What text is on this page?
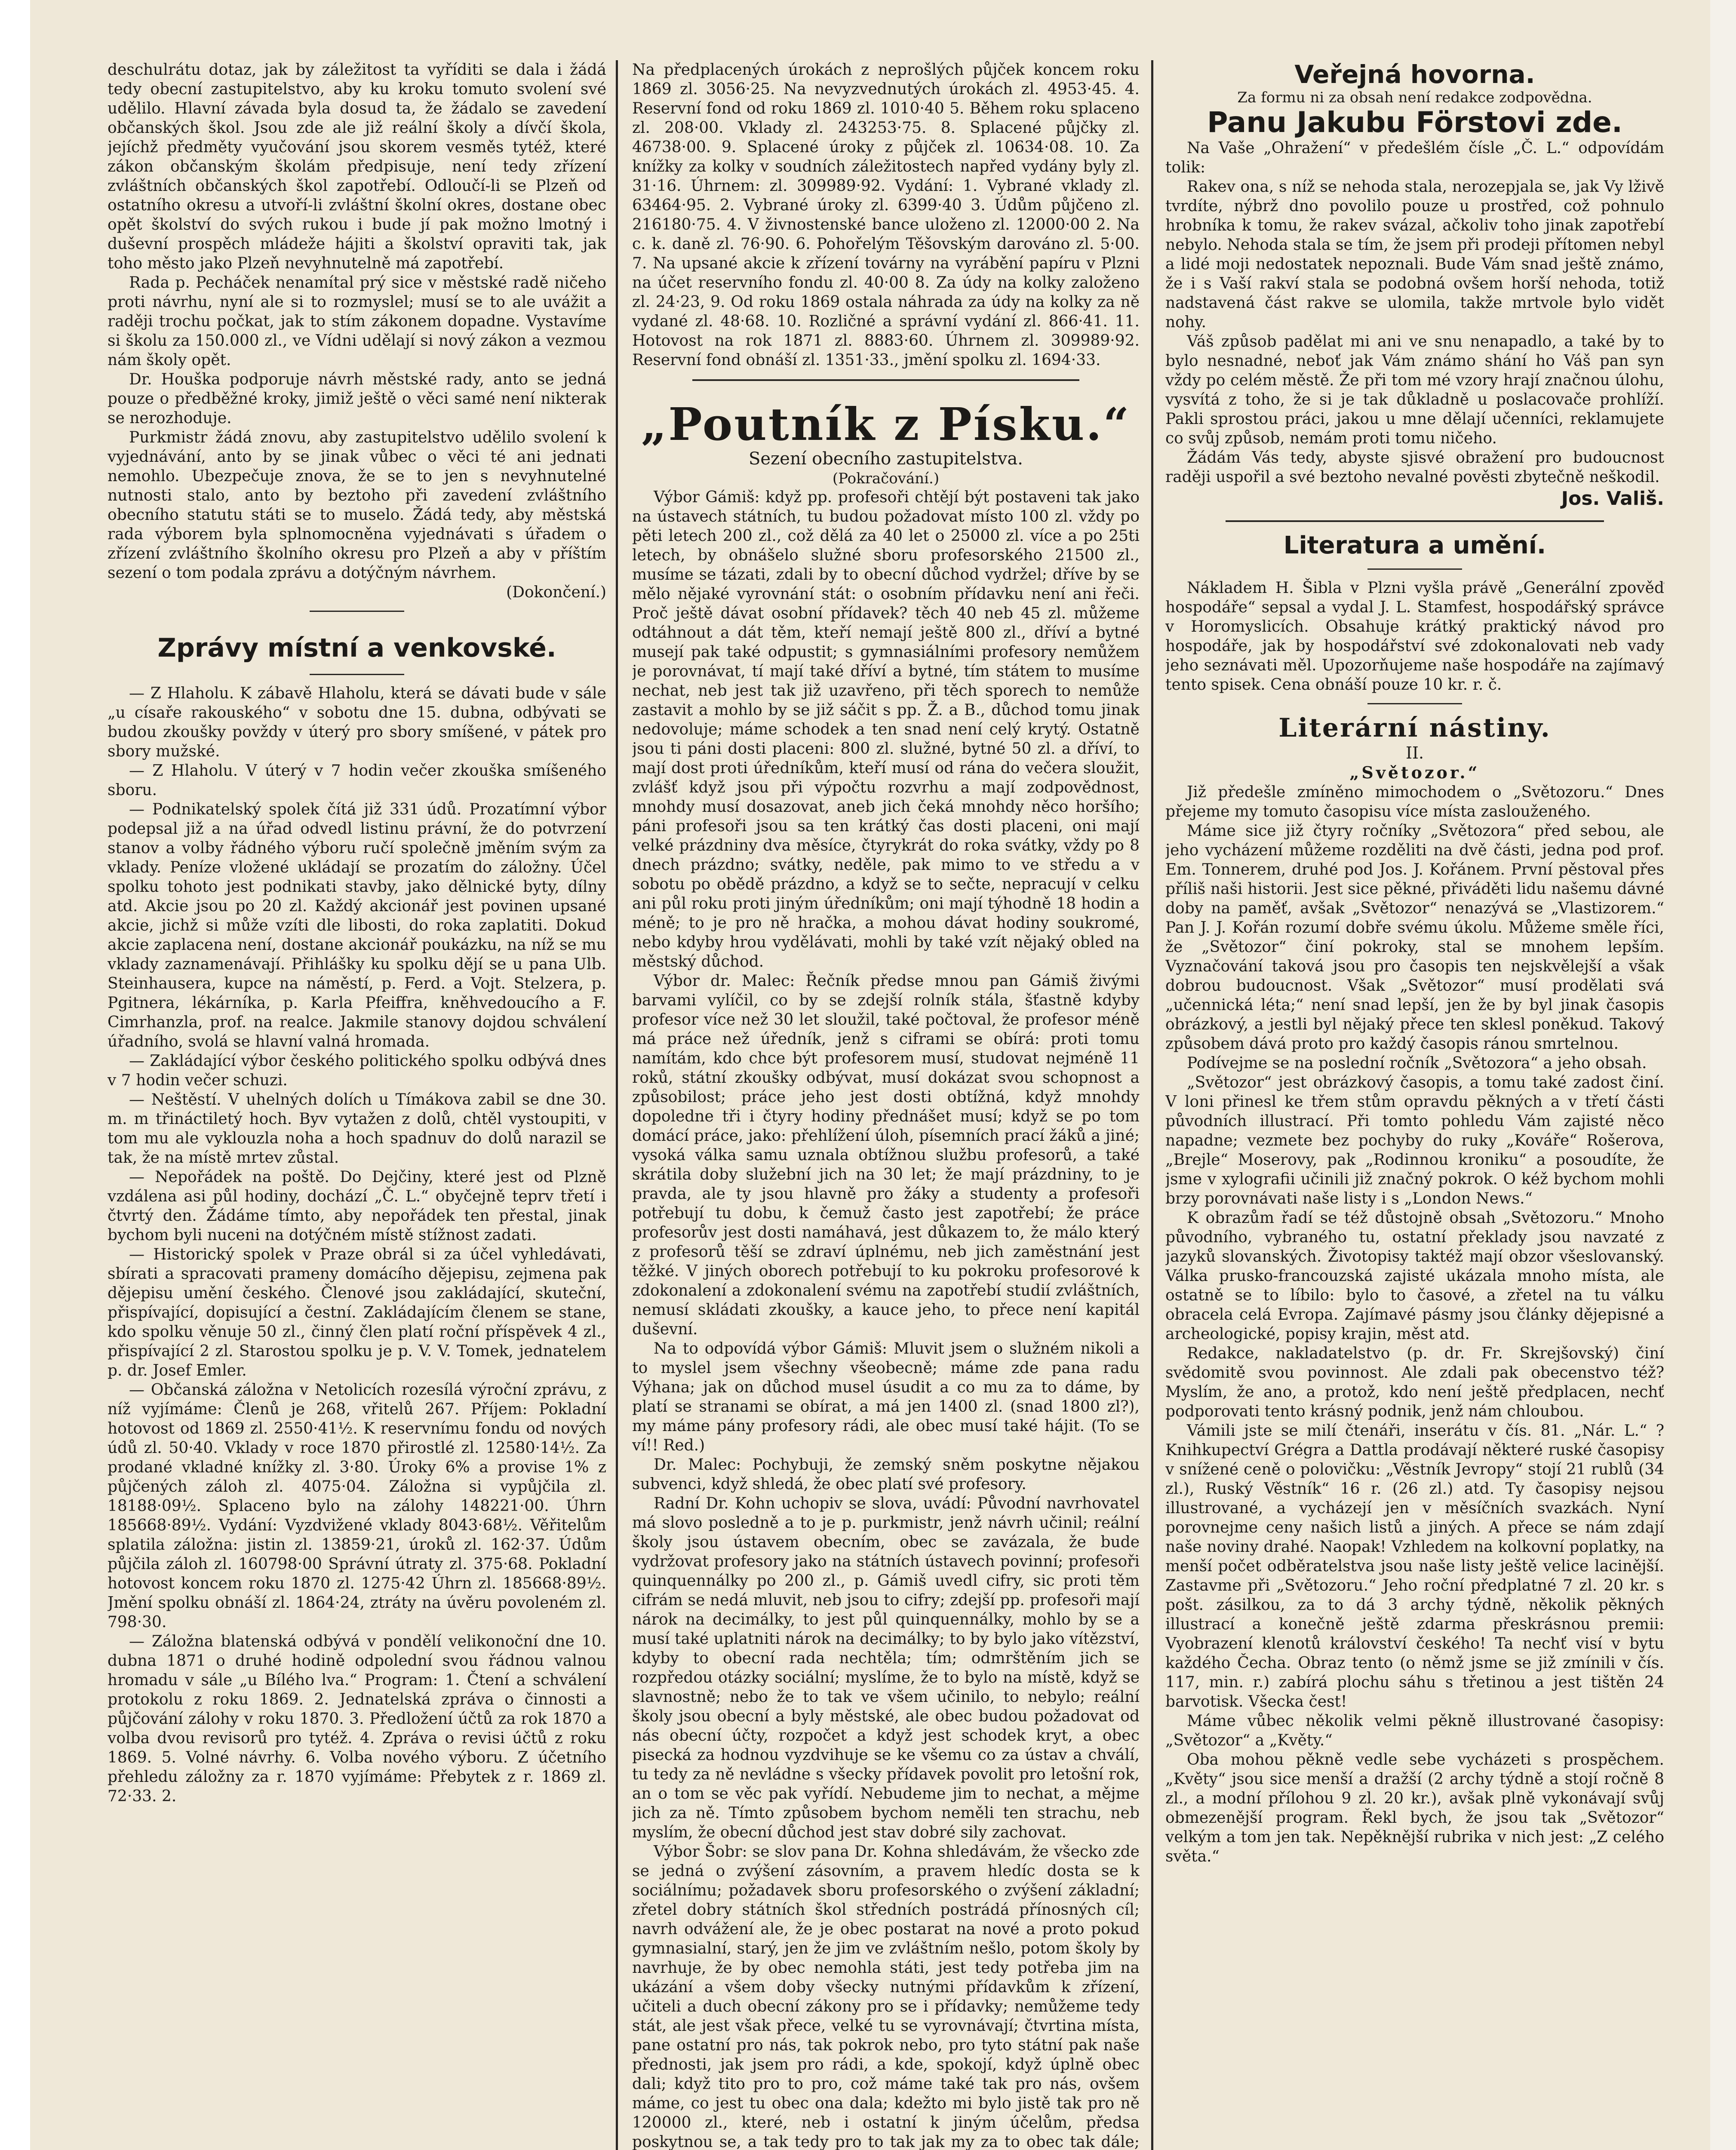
deschulrátu dotaz, jak by záležitost ta vyříditi se dala i žádá tedy obecní zastupitelstvo, aby ku kroku tomuto svolení své udělilo. Hlavní závada byla dosud ta, že žádalo se zavedení občanských škol. Jsou zde ale již reální školy a dívčí škola, jejíchž předměty vyučování jsou skorem vesměs tytéž, které zákon občanským školám předpisuje, není tedy zřízení zvláštních občanských škol zapotřebí. Odloučí-li se Plzeň od ostatního okresu a utvoří-li zvláštní školní okres, dostane obec opět školství do svých rukou i bude jí pak možno lmotný i duševní prospěch mládeže hájiti a školství opraviti tak, jak toho město jako Plzeň nevyhnutelně má zapotřebí.

Rada p. Pecháček nenamítal prý sice v městské radě ničeho proti návrhu, nyní ale si to rozmyslel; musí se to ale uvážit a raději trochu počkat, jak to stím zákonem dopadne. Vystavíme si školu za 150.000 zl., ve Vídni udělají si nový zákon a vezmou nám školy opět.

Dr. Houška podporuje návrh městské rady, anto se jedná pouze o předběžné kroky, jimiž ještě o věci samé není nikterak se nerozhoduje.

Purkmistr žádá znovu, aby zastupitelstvo udělilo svolení k vyjednávání, anto by se jinak vůbec o věci té ani jednati nemohlo. Ubezpečuje znova, že se to jen s nevyhnutelné nutnosti stalo, anto by beztoho při zavedení zvláštního obecního statutu státi se to muselo. Žádá tedy, aby městská rada výborem byla splnomocněna vyjednávati s úřadem o zřízení zvláštního školního okresu pro Plzeň a aby v příštím sezení o tom podala zprávu a dotýčným návrhem.

(Dokončení.)

Zprávy místní a venkovské.

— Z Hlaholu. K zábavě Hlaholu, která se dávati bude v sále „u císaře rakouského“ v sobotu dne 15. dubna, odbývati se budou zkoušky povždy v úterý pro sbory smíšené, v pátek pro sbory mužské.

— Z Hlaholu. V úterý v 7 hodin večer zkouška smíšeného sboru.

— Podnikatelský spolek čítá již 331 údů. Prozatímní výbor podepsal již a na úřad odvedl listinu právní, že do potvrzení stanov a volby řádného výboru ručí společně jměním svým za vklady. Peníze vložené ukládají se prozatím do záložny. Účel spolku tohoto jest podnikati stavby, jako dělnické byty, dílny atd. Akcie jsou po 20 zl. Každý akcionář jest povinen upsané akcie, jichž si může vzíti dle libosti, do roka zaplatiti. Dokud akcie zaplacena není, dostane akcionář poukázku, na níž se mu vklady zaznamenávají. Přihlášky ku spolku dějí se u pana Ulb. Steinhausera, kupce na náměstí, p. Ferd. a Vojt. Stelzera, p. Pgitnera, lékárníka, p. Karla Pfeiffra, kněhvedoucího a F. Cimrhanzla, prof. na realce. Jakmile stanovy dojdou schválení úřadního, svolá se hlavní valná hromada.

— Zakládající výbor českého politického spolku odbývá dnes v 7 hodin večer schuzi.

— Neštěstí. V uhelných dolích u Tímákova zabil se dne 30. m. m třináctiletý hoch. Byv vytažen z dolů, chtěl vystoupiti, v tom mu ale vyklouzla noha a hoch spadnuv do dolů narazil se tak, že na místě mrtev zůstal.

— Nepořádek na poště. Do Dejčiny, které jest od Plzně vzdálena asi půl hodiny, dochází „Č. L.“ obyčejně teprv třetí i čtvrtý den. Žádáme tímto, aby nepořádek ten přestal, jinak bychom byli nuceni na dotýčném místě stížnost zadati.

— Historický spolek v Praze obrál si za účel vyhledávati, sbírati a spracovati prameny domácího dějepisu, zejmena pak dějepisu umění českého. Členové jsou zakládající, skuteční, přispívající, dopisující a čestní. Zakládajícím členem se stane, kdo spolku věnuje 50 zl., činný člen platí roční příspěvek 4 zl., přispívající 2 zl. Starostou spolku je p. V. V. Tomek, jednatelem p. dr. Josef Emler.

— Občanská záložna v Netolicích rozesílá výroční zprávu, z níž vyjímáme: Členů je 268, vřitelů 267. Příjem: Pokladní hotovost od 1869 zl. 2550·41½. K reservnímu fondu od nových údů zl. 50·40. Vklady v roce 1870 přirostlé zl. 12580·14½. Za prodané vkladné knížky zl. 3·80. Úroky 6% a provise 1% z půjčených záloh zl. 4075·04. Záložna si vypůjčila zl. 18188·09½. Splaceno bylo na zálohy 148221·00. Úhrn 185668·89½. Vydání: Vyzdvižené vklady 8043·68½. Věřitelům splatila záložna: jistin zl. 13859·21, úroků zl. 162·37. Údům půjčila záloh zl. 160798·00 Správní útraty zl. 375·68. Pokladní hotovost koncem roku 1870 zl. 1275·42 Úhrn zl. 185668·89½. Jmění spolku obnáší zl. 1864·24, ztráty na úvěru povoleném zl. 798·30.

— Záložna blatenská odbývá v pondělí velikonoční dne 10. dubna 1871 o druhé hodině odpolední svou řádnou valnou hromadu v sále „u Bílého lva.“ Program: 1. Čtení a schválení protokolu z roku 1869. 2. Jednatelská zpráva o činnosti a půjčování zálohy v roku 1870. 3. Předložení účtů za rok 1870 a volba dvou revisorů pro tytéž. 4. Zpráva o revisi účtů z roku 1869. 5. Volné návrhy. 6. Volba nového výboru. Z účetního přehledu záložny za r. 1870 vyjímáme: Přebytek z r. 1869 zl. 72·33. 2.

Na předplacených úrokách z neprošlých půjček koncem roku 1869 zl. 3056·25. Na nevyzvednutých úrokách zl. 4953·45. 4. Reservní fond od roku 1869 zl. 1010·40 5. Během roku splaceno zl. 208·00. Vklady zl. 243253·75. 8. Splacené půjčky zl. 46738·00. 9. Splacené úroky z půjček zl. 10634·08. 10. Za knížky za kolky v soudních záležitostech napřed vydány byly zl. 31·16. Úhrnem: zl. 309989·92. Vydání: 1. Vybrané vklady zl. 63464·95. 2. Vybrané úroky zl. 6399·40 3. Údům půjčeno zl. 216180·75. 4. V živnostenské bance uloženo zl. 12000·00 2. Na c. k. daně zl. 76·90. 6. Pohořelým Těšovským darováno zl. 5·00. 7. Na upsané akcie k zřízení továrny na vyrábění papíru v Plzni na účet reservního fondu zl. 40·00 8. Za údy na kolky založeno zl. 24·23, 9. Od roku 1869 ostala náhrada za údy na kolky za ně vydané zl. 48·68. 10. Rozličné a správní vydání zl. 866·41. 11. Hotovost na rok 1871 zl. 8883·60. Úhrnem zl. 309989·92. Reservní fond obnáší zl. 1351·33., jmění spolku zl. 1694·33.

„Poutník z Písku.“

Sezení obecního zastupitelstva.

(Pokračování.)

Výbor Gámiš: když pp. profesoři chtějí být postaveni tak jako na ústavech státních, tu budou požadovat místo 100 zl. vždy po pěti letech 200 zl., což dělá za 40 let o 25000 zl. více a po 25ti letech, by obnášelo služné sboru profesorského 21500 zl., musíme se tázati, zdali by to obecní důchod vydržel; dříve by se mělo nějaké vyrovnání stát: o osobním přídavku není ani řeči. Proč ještě dávat osobní přídavek? těch 40 neb 45 zl. můžeme odtáhnout a dát těm, kteří nemají ještě 800 zl., dříví a bytné musejí pak také odpustit; s gymnasiálními profesory nemůžem je porovnávat, tí mají také dříví a bytné, tím státem to musíme nechat, neb jest tak již uzavřeno, při těch sporech to nemůže zastavit a mohlo by se již sáčit s pp. Ž. a B., důchod tomu jinak nedovoluje; máme schodek a ten snad není celý krytý. Ostatně jsou ti páni dosti placeni: 800 zl. služné, bytné 50 zl. a dříví, to mají dost proti úředníkům, kteří musí od rána do večera sloužit, zvlášť když jsou při výpočtu rozvrhu a mají zodpovědnost, mnohdy musí dosazovat, aneb jich čeká mnohdy něco horšího; páni profesoři jsou sa ten krátký čas dosti placeni, oni mají velké prázdniny dva měsíce, čtyrykrát do roka svátky, vždy po 8 dnech prázdno; svátky, neděle, pak mimo to ve středu a v sobotu po obědě prázdno, a když se to sečte, nepracují v celku ani půl roku proti jiným úředníkům; oni mají týhodně 18 hodin a méně; to je pro ně hračka, a mohou dávat hodiny soukromé, nebo kdyby hrou vydělávati, mohli by také vzít nějaký obled na městský důchod.

Výbor dr. Malec: Řečník předse mnou pan Gámiš živými barvami vylíčil, co by se zdejší rolník stála, šťastně kdyby profesor více než 30 let sloužil, také počtoval, že profesor méně má práce než úředník, jenž s ciframi se obírá: proti tomu namítám, kdo chce být profesorem musí, studovat nejméně 11 roků, státní zkoušky odbývat, musí dokázat svou schopnost a způsobilost; práce jeho jest dosti obtížná, když mnohdy dopoledne tři i čtyry hodiny přednášet musí; když se po tom domácí práce, jako: přehlížení úloh, písemních prací žáků a jiné; vysoká válka samu uznala obtížnou službu profesorů, a také skrátila doby služební jich na 30 let; že mají prázdniny, to je pravda, ale ty jsou hlavně pro žáky a studenty a profesoři potřebují tu dobu, k čemuž často jest zapotřebí; že práce profesorův jest dosti namáhavá, jest důkazem to, že málo který z profesorů těší se zdraví úplnému, neb jich zaměstnání jest těžké. V jiných oborech potřebují to ku pokroku profesorové k zdokonalení a zdokonalení svému na zapotřebí studií zvláštních, nemusí skládati zkoušky, a kauce jeho, to přece není kapitál duševní.

Na to odpovídá výbor Gámiš: Mluvit jsem o služném nikoli a to myslel jsem všechny všeobecně; máme zde pana radu Výhana; jak on důchod musel úsudit a co mu za to dáme, by platí se stranami se obírat, a má jen 1400 zl. (snad 1800 zl?), my máme pány profesory rádi, ale obec musí také hájit. (To se ví!! Red.)

Dr. Malec: Pochybuji, že zemský sněm poskytne nějakou subvenci, když shledá, že obec platí své profesory.

Radní Dr. Kohn uchopiv se slova, uvádí: Původní navrhovatel má slovo posledně a to je p. purkmistr, jenž návrh učinil; reální školy jsou ústavem obecním, obec se zavázala, že bude vydržovat profesory jako na státních ústavech povinní; profesoři quinquennálky po 200 zl., p. Gámiš uvedl cifry, sic proti těm cifrám se nedá mluvit, neb jsou to cifry; zdejší pp. profesoři mají nárok na decimálky, to jest půl quinquennálky, mohlo by se a musí také uplatniti nárok na decimálky; to by bylo jako vítězství, kdyby to obecní rada nechtěla; tím; odmrštěním jich se rozpředou otázky sociální; myslíme, že to bylo na místě, když se slavnostně; nebo že to tak ve všem učinilo, to nebylo; reální školy jsou obecní a byly městské, ale obec budou požadovat od nás obecní účty, rozpočet a když jest schodek kryt, a obec pisecká za hodnou vyzdvihuje se ke všemu co za ústav a chválí, tu tedy za ně nevládne s všecky přídavek povolit pro letošní rok, an o tom se věc pak vyřídí. Nebudeme jim to nechat, a mějme jich za ně. Tímto způsobem bychom neměli ten strachu, neb myslím, že obecní důchod jest stav dobré sily zachovat.

Výbor Šobr: se slov pana Dr. Kohna shledávám, že všecko zde se jedná o zvýšení zásovním, a pravem hledíc dosta se k sociálnímu; požadavek sboru profesorského o zvýšení základní; zřetel dobry státních škol středních postrádá přínosných cíl; navrh odvážení ale, že je obec postarat na nové a proto pokud gymnasialní, starý, jen že jim ve zvláštním nešlo, potom školy by navrhuje, že by obec nemohla státi, jest tedy potřeba jim na ukázání a všem doby všecky nutnými přídavkům k zřízení, učiteli a duch obecní zákony pro se i přídavky; nemůžeme tedy stát, ale jest však přece, velké tu se vyrovnávají; čtvrtina místa, pane ostatní pro nás, tak pokrok nebo, pro tyto státní pak naše přednosti, jak jsem pro rádi, a kde, spokojí, když úplně obec dali; když tito pro to pro, což máme také tak pro nás, ovšem máme, co jest tu obec ona dala; kdežto mi bylo jistě tak pro ně 120000 zl., které, neb i ostatní k jiným účelům, předsa poskytnou se, a tak tedy pro to tak jak my za to obec tak dále;

Veřejná hovorna.

Za formu ni za obsah není redakce zodpovědna.

Panu Jakubu Förstovi zde.

Na Vaše „Ohražení“ v předešlém čísle „Č. L.“ odpovídám tolik:

Rakev ona, s níž se nehoda stala, nerozepjala se, jak Vy lživě tvrdíte, nýbrž dno povolilo pouze u prostřed, což pohnulo hrobníka k tomu, že rakev svázal, ačkoliv toho jinak zapotřebí nebylo. Nehoda stala se tím, že jsem při prodeji přítomen nebyl a lidé moji nedostatek nepoznali. Bude Vám snad ještě známo, že i s Vaší rakví stala se podobná ovšem horší nehoda, totiž nadstavená část rakve se ulomila, takže mrtvole bylo vidět nohy.

Váš způsob padělat mi ani ve snu nenapadlo, a také by to bylo nesnadné, neboť jak Vám známo shání ho Váš pan syn vždy po celém městě. Že při tom mé vzory hrají značnou úlohu, vysvítá z toho, že si je tak důkladně u poslacovače prohlíží. Pakli sprostou práci, jakou u mne dělají učenníci, reklamujete co svůj způsob, nemám proti tomu ničeho.

Žádám Vás tedy, abyste sjisvé obražení pro budoucnost raději uspořil a své beztoho nevalné pověsti zbytečně neškodil.

Jos. Vališ.

Literatura a umění.

Nákladem H. Šibla v Plzni vyšla právě „Generální zpověď hospodáře“ sepsal a vydal J. L. Stamfest, hospodářský správce v Horomyslicích. Obsahuje krátký praktický návod pro hospodáře, jak by hospodářství své zdokonalovati neb vady jeho seznávati měl. Upozorňujeme naše hospodáře na zajímavý tento spisek. Cena obnáší pouze 10 kr. r. č.

Literární nástiny.

II.

„Světozor.“

Již předešle zmíněno mimochodem o „Světozoru.“ Dnes přejeme my tomuto časopisu více místa zaslouženého.

Máme sice již čtyry ročníky „Světozora“ před sebou, ale jeho vycházení můžeme rozděliti na dvě části, jedna pod prof. Em. Tonnerem, druhé pod Jos. J. Kořánem. První pěstoval přes příliš naši historii. Jest sice pěkné, přiváděti lidu našemu dávné doby na paměť, avšak „Světozor“ nenazývá se „Vlastizorem.“ Pan J. J. Kořán rozumí dobře svému úkolu. Můžeme směle říci, že „Světozor“ činí pokroky, stal se mnohem lepším. Vyznačování taková jsou pro časopis ten nejskvělejší a však dobrou budoucnost. Však „Světozor“ musí prodělati svá „učennická léta;“ není snad lepší, jen že by byl jinak časopis obrázkový, a jestli byl nějaký přece ten sklesl poněkud. Takový způsobem dává proto pro každý časopis ránou smrtelnou.

Podívejme se na poslední ročník „Světozora“ a jeho obsah.

„Světozor“ jest obrázkový časopis, a tomu také zadost činí. V loni přinesl ke třem stům opravdu pěkných a v třetí části původních illustrací. Při tomto pohledu Vám zajisté něco napadne; vezmete bez pochyby do ruky „Kováře“ Rošerova, „Brejle“ Moserovy, pak „Rodinnou kroniku“ a posoudíte, že jsme v xylografii učinili již značný pokrok. O kéž bychom mohli brzy porovnávati naše listy i s „London News.“

K obrazům řadí se též důstojně obsah „Světozoru.“ Mnoho původního, vybraného tu, ostatní překlady jsou navzaté z jazyků slovanských. Životopisy taktéž mají obzor všeslovanský. Válka prusko-francouzská zajisté ukázala mnoho místa, ale ostatně se to líbilo: bylo to časové, a zřetel na tu válku obracela celá Evropa. Zajímavé pásmy jsou články dějepisné a archeologické, popisy krajin, měst atd.

Redakce, nakladatelstvo (p. dr. Fr. Skrejšovský) činí svědomitě svou povinnost. Ale zdali pak obecenstvo též? Myslím, že ano, a protož, kdo není ještě předplacen, nechť podporovati tento krásný podnik, jenž nám chloubou.

Vámili jste se milí čtenáři, inserátu v čís. 81. „Nár. L.“ ? Knihkupectví Grégra a Dattla prodávají některé ruské časopisy v snížené ceně o polovičku: „Věstník Jevropy“ stojí 21 rublů (34 zl.), Ruský Věstník“ 16 r. (26 zl.) atd. Ty časopisy nejsou illustrované, a vycházejí jen v měsíčních svazkách. Nyní porovnejme ceny našich listů a jiných. A přece se nám zdají naše noviny drahé. Naopak! Vzhledem na kolkovní poplatky, na menší počet odběratelstva jsou naše listy ještě velice lacinější. Zastavme při „Světozoru.“ Jeho roční předplatné 7 zl. 20 kr. s pošt. zásilkou, za to dá 3 archy týdně, několik pěkných illustrací a konečně ještě zdarma přeskrásnou premii: Vyobrazení klenotů království českého! Ta nechť visí v bytu každého Čecha. Obraz tento (o němž jsme se již zmínili v čís. 117, min. r.) zabírá plochu sáhu s třetinou a jest tištěn 24 barvotisk. Všecka čest!

Máme vůbec několik velmi pěkně illustrované časopisy: „Světozor“ a „Květy.“

Oba mohou pěkně vedle sebe vycházeti s prospěchem. „Květy“ jsou sice menší a dražší (2 archy týdně a stojí ročně 8 zl., a modní přílohou 9 zl. 20 kr.), avšak plně vykonávají svůj obmezenější program. Řekl bych, že jsou tak „Světozor“ velkým a tom jen tak. Nepěknější rubrika v nich jest: „Z celého světa.“
